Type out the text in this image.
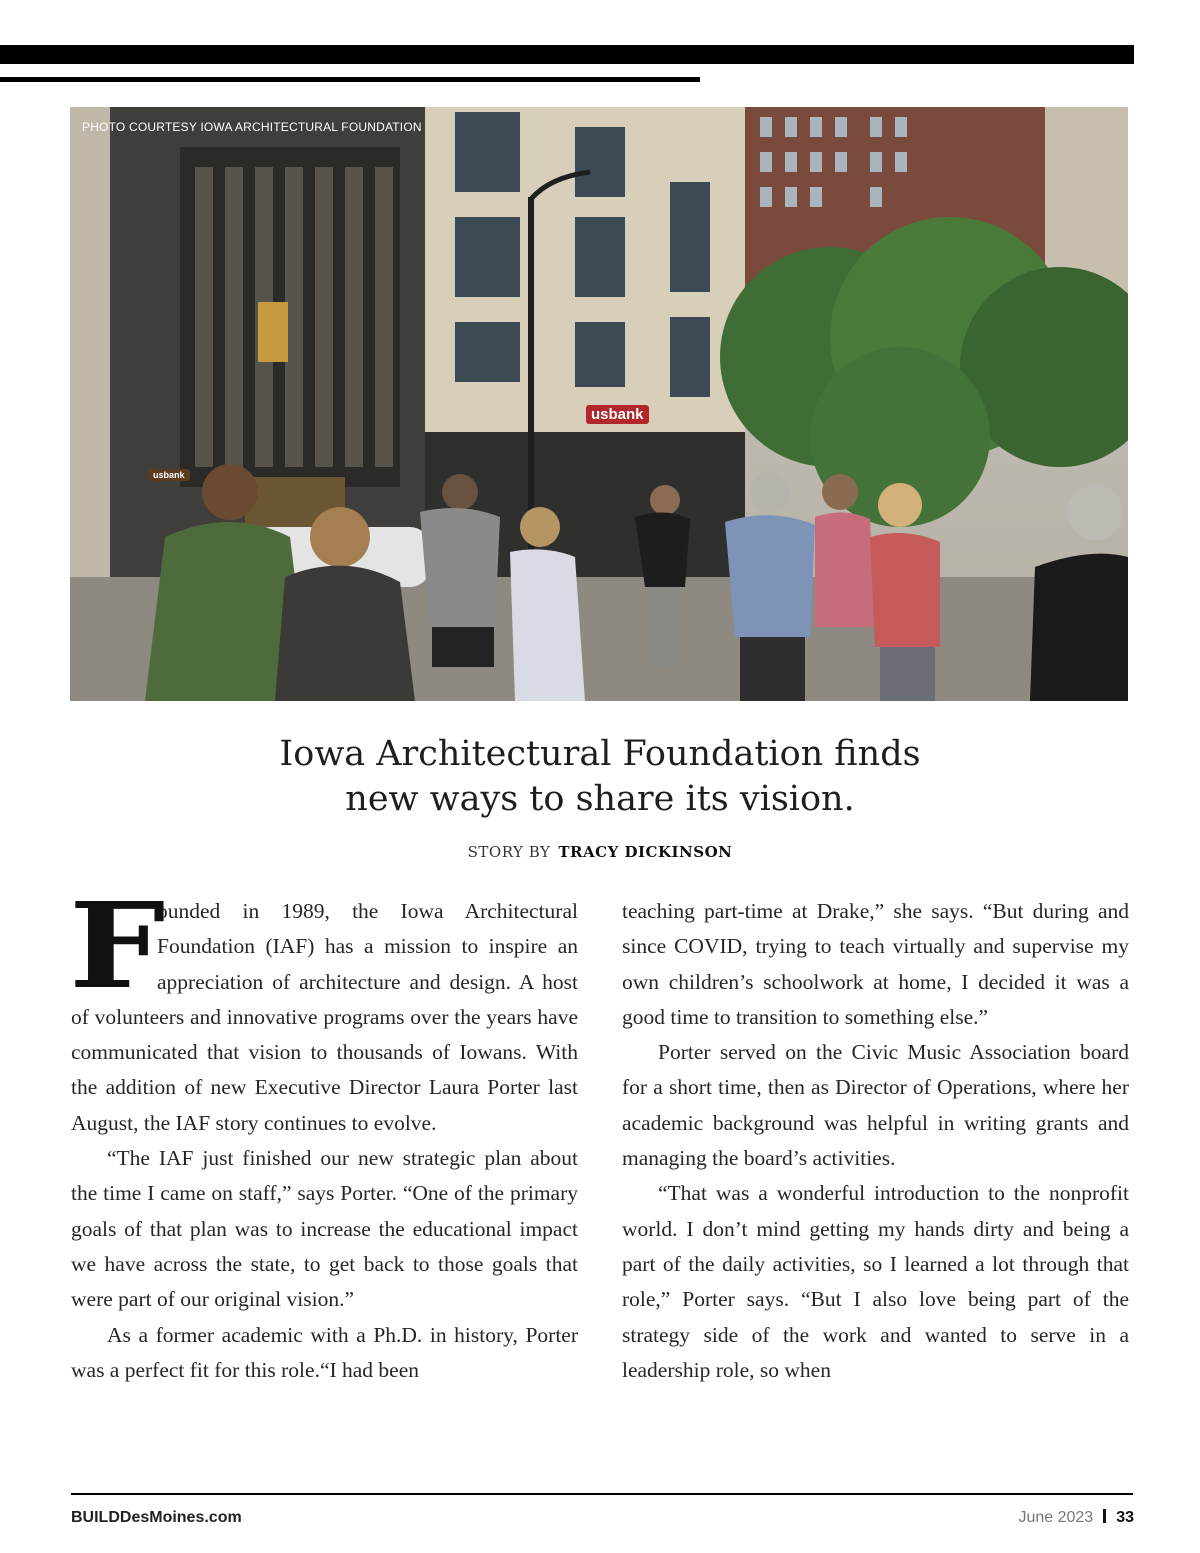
usbank
usbank

PHOTO COURTESY IOWA ARCHITECTURAL FOUNDATION

Iowa Architectural Foundation finds
new ways to share its vision.
STORY BY TRACY DICKINSON

F
ounded in 1989, the Iowa Architectural Foundation (IAF) has a mission to inspire an appreciation of architecture and design. A host of volunteers and innovative programs over the years have communicated that vision to thousands of Iowans. With the addition of new Executive Director Laura Porter last August, the IAF story continues to evolve.

“The IAF just finished our new strategic plan about the time I came on staff,” says Porter. “One of the primary goals of that plan was to increase the educational impact we have across the state, to get back to those goals that were part of our original vision.”

As a former academic with a Ph.D. in history, Porter was a perfect fit for this role.“I had been

teaching part-time at Drake,” she says. “But during and since COVID, trying to teach virtually and supervise my own children’s schoolwork at home, I decided it was a good time to transition to something else.”

Porter served on the Civic Music Association board for a short time, then as Director of Operations, where her academic background was helpful in writing grants and managing the board’s activities.

“That was a wonderful introduction to the nonprofit world. I don’t mind getting my hands dirty and being a part of the daily activities, so I learned a lot through that role,” Porter says. “But I also love being part of the strategy side of the work and wanted to serve in a leadership role, so when

BUILDDesMoines.com	June 2023 33
